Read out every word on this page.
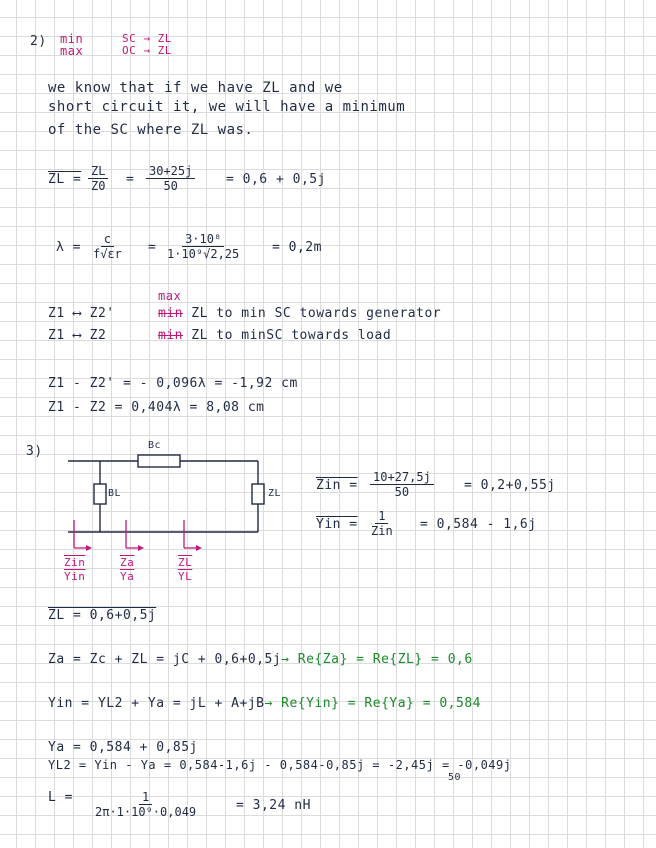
2) min
max
SC → ZL
OC → ZL
we know that if we have ZL and we
short circuit it, we will have a minimum
of the SC where ZL was.
ZL = $\frac{ZL}{Z0} = \frac{30+25j}{50} = 0,6 + 0,5j$
$\lambda = \frac{c}{f√\varepsilon r} = \frac{\text{3·10⁸}}{\text{1·10⁹√2,25}} = 0,2m$
max
Z1 ⟷ Z2'	min ZL to min SC towards generator
Z1 ⟷ Z2	min ZL to minSC towards load
Z1 - Z2' = - 0,096λ = -1,92 cm
Z1 - Z2 = 0,404λ = 8,08 cm
3)	Bc
BL	ZL
$\overline{Zin}$
$\overline{Yin}$
$\overline{Za}$
$\overline{Ya}$
$\overline{ZL}$
$\overline{YL}$
Zin = $\frac{10+27,5j}{50} = 0,2+0,55j$
Yin =
1
Zin = 0,584 - 1,6j
ZL = 0,6+0,5j
Za = Zc + ZL = jC + 0,6+0,5j→ Re{Za} = Re{ZL} = 0,6
Yin = YL2 + Ya = jL + A+jB→ Re{Yin} = Re{Ya} = 0,584
Ya = 0,584 + 0,85j
YL2 = Yin - Ya = 0,584-1,6j - 0,584-0,85j = -2,45j = -0,049j
50
$L = \frac{1}{\text{2π·1·10⁹·0,049}}$	= 3,24 nH
